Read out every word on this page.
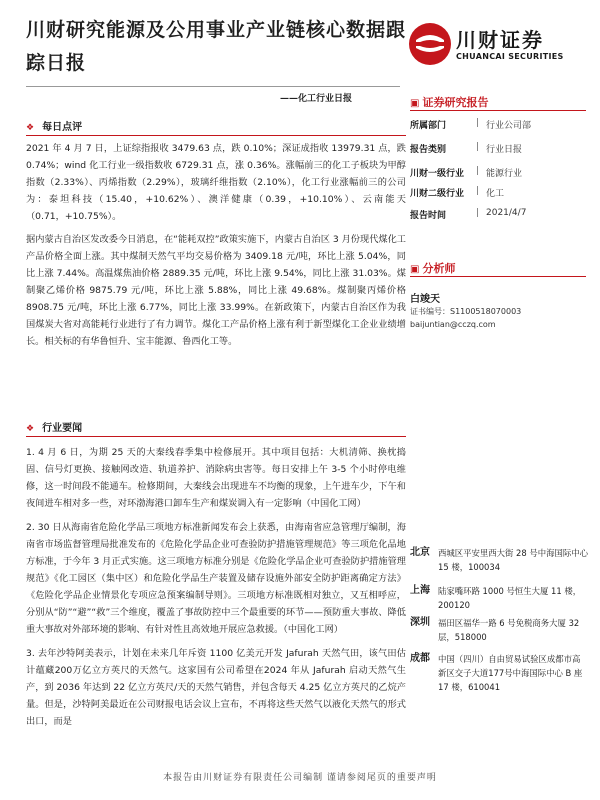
川财研究能源及公用事业产业链核心数据跟踪日报
川财证券
CHUANCAI SECURITIES
——化工行业日报
❖ 每日点评

2021 年 4 月 7 日，上证综指报收 3479.63 点，跌 0.10%；深证成指收 13979.31 点，跌 0.74%；wind 化工行业一级指数收 6729.31 点，涨 0.36%。涨幅前三的化工子板块为甲醇指数（2.33%）、丙烯指数（2.29%），玻璃纤维指数（2.10%），化工行业涨幅前三的公司为：泰坦科技（15.40，+10.62%）、澳洋健康（0.39，+10.10%）、云南能天（0.71，+10.75%）。

据内蒙古自治区发改委今日消息，在“能耗双控”政策实施下，内蒙古自治区 3 月份现代煤化工产品价格全面上涨。其中煤制天然气平均交易价格为 3409.18 元/吨，环比上涨 5.04%，同比上涨 7.44%。高温煤焦油价格 2889.35 元/吨，环比上涨 9.54%，同比上涨 31.03%。煤制聚乙烯价格 9875.79 元/吨，环比上涨 5.88%，同比上涨 49.68%。煤制聚丙烯价格 8908.75 元/吨，环比上涨 6.77%，同比上涨 33.99%。在新政策下，内蒙古自治区作为我国煤炭大省对高能耗行业进行了有力调节。煤化工产品价格上涨有利于新型煤化工企业业绩增长。相关标的有华鲁恒升、宝丰能源、鲁西化工等。

❖ 行业要闻

1. 4 月 6 日，为期 25 天的大秦线春季集中检修展开。其中项目包括：大机清筛、换枕捣固、信号灯更换、接触网改造、轨道养护、消除病虫害等。每日安排上午 3-5 个小时停电维修，这一时间段不能通车。检修期间，大秦线会出现进车不均衡的现象，上午进车少，下午和夜间进车相对多一些，对环渤海港口卸车生产和煤炭调入有一定影响（中国化工网）

2. 30 日从海南省危险化学品三项地方标准新闻发布会上获悉，由海南省应急管理厅编制，海南省市场监督管理局批准发布的《危险化学品企业可查验防护措施管理规范》等三项危化品地方标准，于今年 3 月正式实施。这三项地方标准分别是《危险化学品企业可查验防护措施管理规范》《化工园区（集中区）和危险化学品生产装置及储存设施外部安全防护距离确定方法》《危险化学品企业情景化专项应急预案编制导则》。三项地方标准既相对独立，又互相呼应，分别从“防”“避”“救”三个维度，覆盖了事故防控中三个最重要的环节——预防重大事故、降低重大事故对外部环境的影响、有针对性且高效地开展应急救援。（中国化工网）

3. 去年沙特阿美表示，计划在未来几年斥资 1100 亿美元开发 Jafurah 天然气田，该气田估计蕴藏200万亿立方英尺的天然气。这家国有公司希望在2024 年从 Jafurah 启动天然气生产，到 2036 年达到 22 亿立方英尺/天的天然气销售，并包含每天 4.25 亿立方英尺的乙烷产量。但是，沙特阿美最近在公司财报电话会议上宣布，不再将这些天然气以液化天然气的形式出口，而是

▣ 证券研究报告
所属部门	| 行业公司部
报告类别	| 行业日报
川财一级行业 | 能源行业
川财二级行业 | 化工
报告时间	| 2021/4/7
▣ 分析师
白竣天
证书编号：S1100518070003
baijuntian@cczq.com
北京 西城区平安里西大街 28 号中海国际中心 15 楼，100034
上海 陆家嘴环路 1000 号恒生大厦 11 楼，200120
深圳 福田区福华一路 6 号免税商务大厦 32 层，518000
成都 中国（四川）自由贸易试验区成都市高新区交子大道177号中海国际中心 B 座 17 楼，610041
本报告由川财证券有限责任公司编制 谨请参阅尾页的重要声明
